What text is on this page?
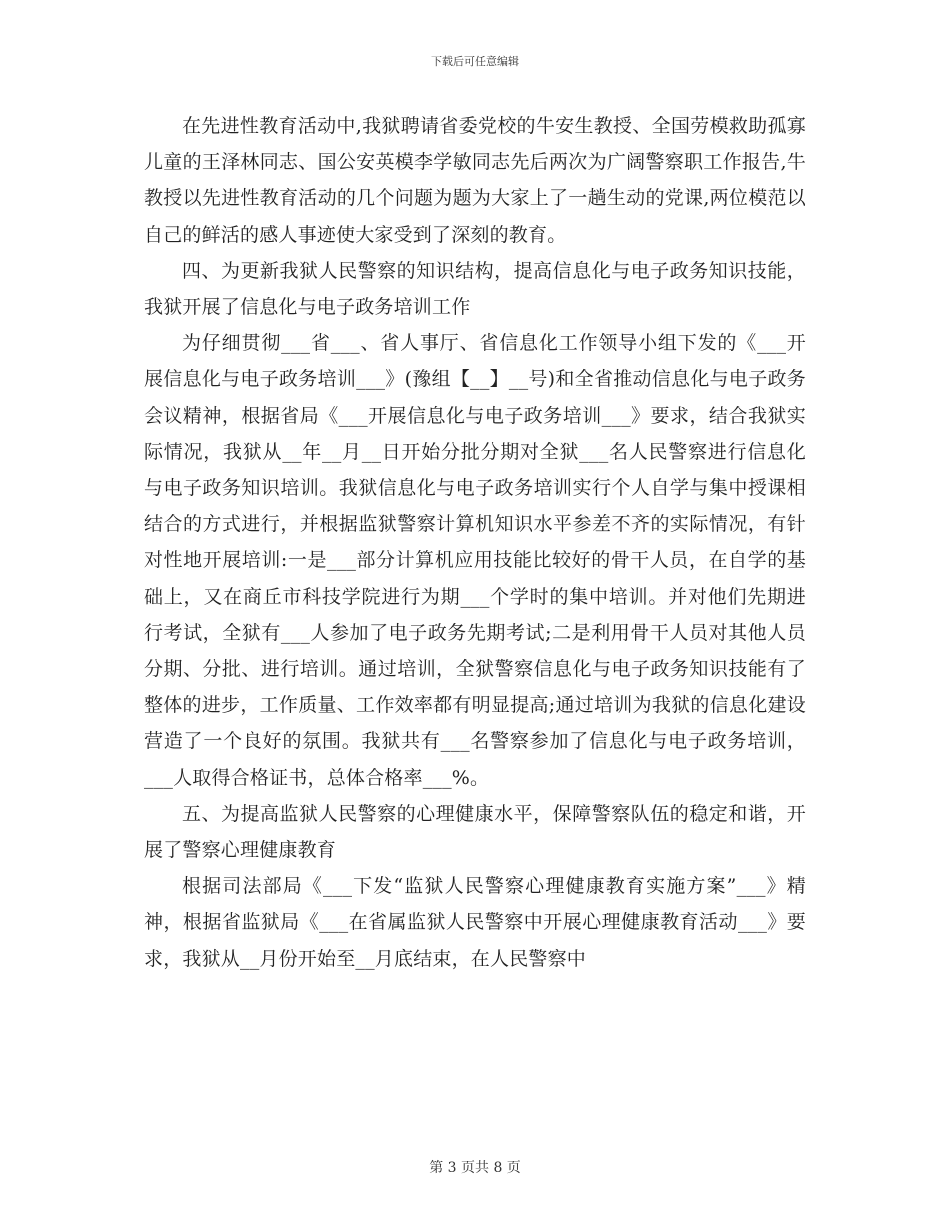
下载后可任意编辑

在先进性教育活动中,我狱聘请省委党校的牛安生教授、全国劳模救助孤寡儿童的王泽林同志、国公安英模李学敏同志先后两次为广阔警察职工作报告,牛教授以先进性教育活动的几个问题为题为大家上了一趟生动的党课,两位模范以自己的鲜活的感人事迹使大家受到了深刻的教育。

四、为更新我狱人民警察的知识结构，提高信息化与电子政务知识技能，我狱开展了信息化与电子政务培训工作

为仔细贯彻___省___、省人事厅、省信息化工作领导小组下发的《___开展信息化与电子政务培训___》(豫组【__】__号)和全省推动信息化与电子政务会议精神，根据省局《___开展信息化与电子政务培训___》要求，结合我狱实际情况，我狱从__年__月__日开始分批分期对全狱___名人民警察进行信息化与电子政务知识培训。我狱信息化与电子政务培训实行个人自学与集中授课相结合的方式进行，并根据监狱警察计算机知识水平参差不齐的实际情况，有针对性地开展培训:一是___部分计算机应用技能比较好的骨干人员，在自学的基础上，又在商丘市科技学院进行为期___个学时的集中培训。并对他们先期进行考试，全狱有___人参加了电子政务先期考试;二是利用骨干人员对其他人员分期、分批、进行培训。通过培训，全狱警察信息化与电子政务知识技能有了整体的进步，工作质量、工作效率都有明显提高;通过培训为我狱的信息化建设营造了一个良好的氛围。我狱共有___名警察参加了信息化与电子政务培训，___人取得合格证书，总体合格率___%。

五、为提高监狱人民警察的心理健康水平，保障警察队伍的稳定和谐，开展了警察心理健康教育

根据司法部局《___下发“监狱人民警察心理健康教育实施方案”___》精神，根据省监狱局《___在省属监狱人民警察中开展心理健康教育活动___》要求，我狱从__月份开始至__月底结束，在人民警察中

第 3 页共 8 页
